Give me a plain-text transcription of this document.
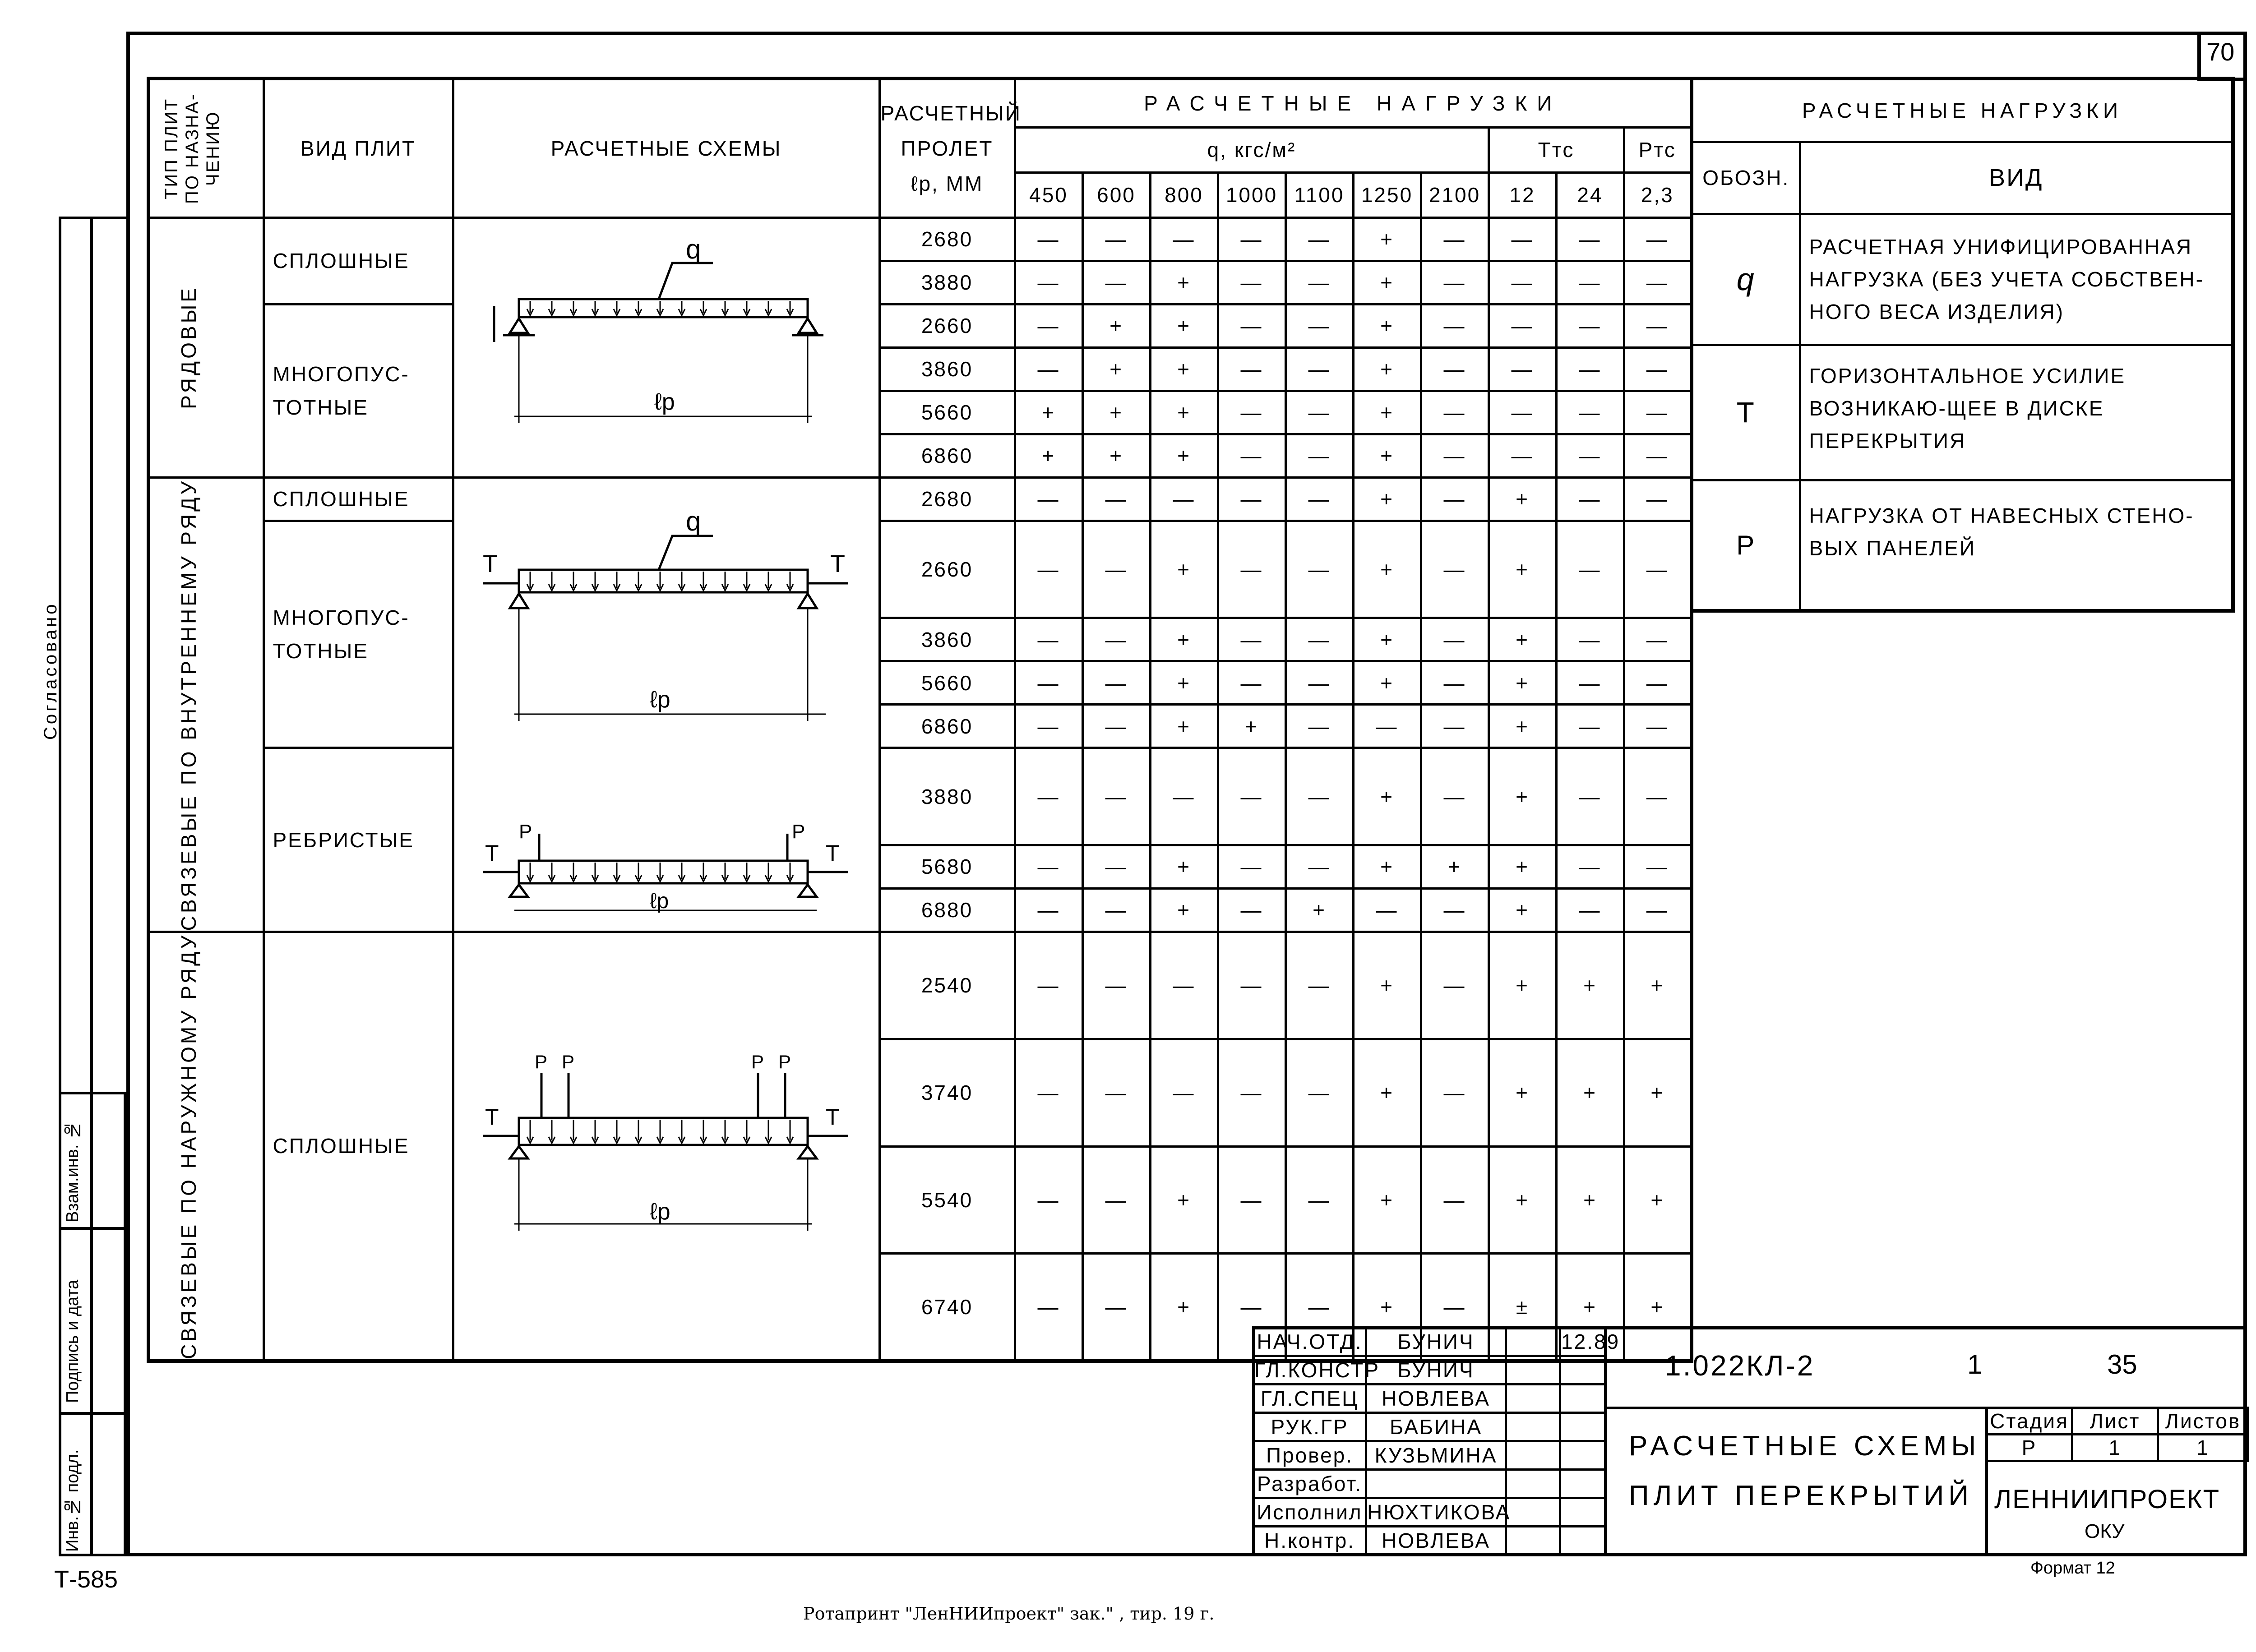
70
Взам.инв. №
Подпись и дата
Инв.№ подл.
Согласовано
Т-585
ТИП ПЛИТ ПО НАЗНА-ЧЕНИЮ	ВИД ПЛИТ	РАСЧЕТНЫЕ СХЕМЫ	РАСЧЕТНЫЙ
ПРОЛЕТ
ℓр, ММ	РАСЧЕТНЫЕ НАГРУЗКИ									
				q, кгс/м²							Ттс		Ртс
				450	600	800	1000	1100	1250	2100	12	24	2,3

РЯДОВЫЕ	СПЛОШНЫЕ		2680	—	—	—	—	—	+	—	—	—	—
			3880	—	—	+	—	—	+	—	—	—	—
	МНОГОПУС-ТОТНЫЕ		2660	—	+	+	—	—	+	—	—	—	—
			3860	—	+	+	—	—	+	—	—	—	—
			5660	+	+	+	—	—	+	—	—	—	—
			6860	+	+	+	—	—	+	—	—	—	—

СВЯЗЕВЫЕ ПО ВНУТРЕННЕМУ РЯДУ	СПЛОШНЫЕ		2680	—	—	—	—	—	+	—	+	—	—
	МНОГОПУС-ТОТНЫЕ		2660	—	—	+	—	—	+	—	+	—	—
			3860	—	—	+	—	—	+	—	+	—	—
			5660	—	—	+	—	—	+	—	+	—	—
			6860	—	—	+	+	—	—	—	+	—	—
	РЕБРИСТЫЕ		3880	—	—	—	—	—	+	—	+	—	—
			5680	—	—	+	—	—	+	+	+	—	—
			6880	—	—	+	—	+	—	—	+	—	—

СВЯЗЕВЫЕ ПО НАРУЖНОМУ РЯДУ	СПЛОШНЫЕ		2540	—	—	—	—	—	+	—	+	+	+
			3740	—	—	—	—	—	+	—	+	+	+
			5540	—	—	+	—	—	+	—	+	+	+
			6740	—	—	+	—	—	+	—	±	+	+
q
ℓр
q
T	T
ℓр
P	P
T	T
ℓр
P P	P P
T	T
ℓр
РАСЧЕТНЫЕ НАГРУЗКИ	
ОБОЗН.	ВИД
q	РАСЧЕТНАЯ УНИФИЦИРОВАННАЯ НАГРУЗКА (БЕЗ УЧЕТА СОБСТВЕН-НОГО ВЕСА ИЗДЕЛИЯ)
T	ГОРИЗОНТАЛЬНОЕ УСИЛИЕ ВОЗНИКАЮ-ЩЕЕ В ДИСКЕ ПЕРЕКРЫТИЯ
P	НАГРУЗКА ОТ НАВЕСНЫХ СТЕНО-ВЫХ ПАНЕЛЕЙ
НАЧ.ОТД.	БУНИЧ		12.89
ГЛ.КОНСТР	БУНИЧ		
ГЛ.СПЕЦ	НОВЛЕВА		
РУК.ГР	БАБИНА		
Провер.	КУЗЬМИНА		
Разработ.			
Исполнил	НЮХТИКОВА		
Н.контр.	НОВЛЕВА		
1.022КЛ-2	1	35
РАСЧЕТНЫЕ СХЕМЫ
ПЛИТ ПЕРЕКРЫТИЙ
Стадия	Лист	Листов
Р	1	1
ЛЕННИИПРОЕКТ
ОКУ
Формат 12
Ротапринт "ЛенНИИпроект" зак." , тир. 19 г.
